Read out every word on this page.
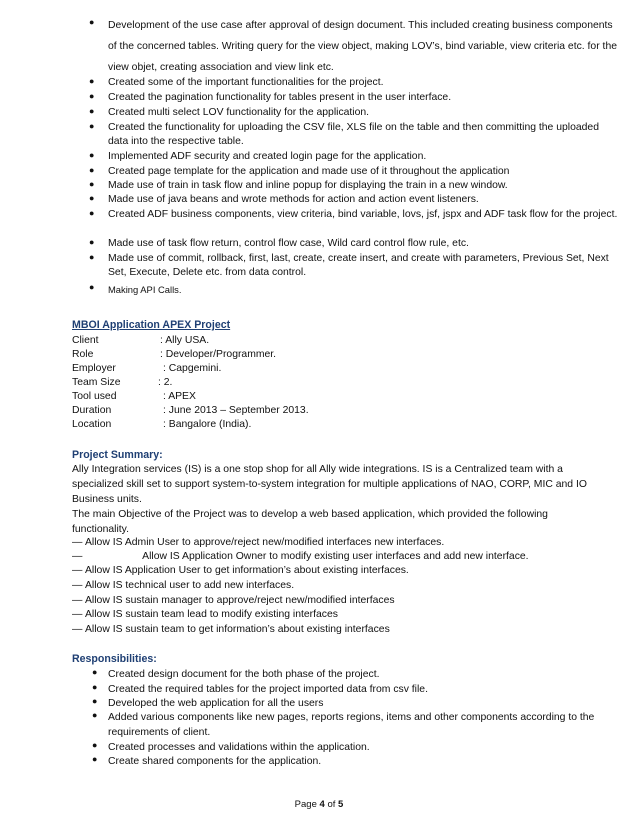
● Development of the use case after approval of design document. This included creating business components of the concerned tables. Writing query for the view object, making LOV’s, bind variable, view criteria etc. for the view objet, creating association and view link etc.
● Created some of the important functionalities for the project.
● Created the pagination functionality for tables present in the user interface.
● Created multi select LOV functionality for the application.
● Created the functionality for uploading the CSV file, XLS file on the table and then committing the uploaded data into the respective table.
● Implemented ADF security and created login page for the application.
● Created page template for the application and made use of it throughout the application
● Made use of train in task flow and inline popup for displaying the train in a new window.
● Made use of java beans and wrote methods for action and action event listeners.
● Created ADF business components, view criteria, bind variable, lovs, jsf, jspx and ADF task flow for the project.
● Made use of task flow return, control flow case, Wild card control flow rule, etc.
● Made use of commit, rollback, first, last, create, create insert, and create with parameters, Previous Set, Next Set, Execute, Delete etc. from data control.
● Making API Calls.
MBOI Application APEX Project
Client	: Ally USA.
Role	: Developer/Programmer.
Employer	: Capgemini.
Team Size	: 2.
Tool used	: APEX
Duration	: June 2013 – September 2013.
Location	: Bangalore (India).
Project Summary:
Ally Integration services (IS) is a one stop shop for all Ally wide integrations. IS is a Centralized team with a specialized skill set to support system-to-system integration for multiple applications of NAO, CORP, MIC and IO Business units.
The main Objective of the Project was to develop a web based application, which provided the following functionality.
— Allow IS Admin User to approve/reject new/modified interfaces new interfaces.
— Allow IS Application Owner to modify existing user interfaces and add new interface.
— Allow IS Application User to get information’s about existing interfaces.
— Allow IS technical user to add new interfaces.
— Allow IS sustain manager to approve/reject new/modified interfaces
— Allow IS sustain team lead to modify existing interfaces
— Allow IS sustain team to get information’s about existing interfaces
Responsibilities:
● Created design document for the both phase of the project.
● Created the required tables for the project imported data from csv file.
● Developed the web application for all the users
● Added various components like new pages, reports regions, items and other components according to the requirements of client.
● Created processes and validations within the application.
● Create shared components for the application.
Page 4 of 5
